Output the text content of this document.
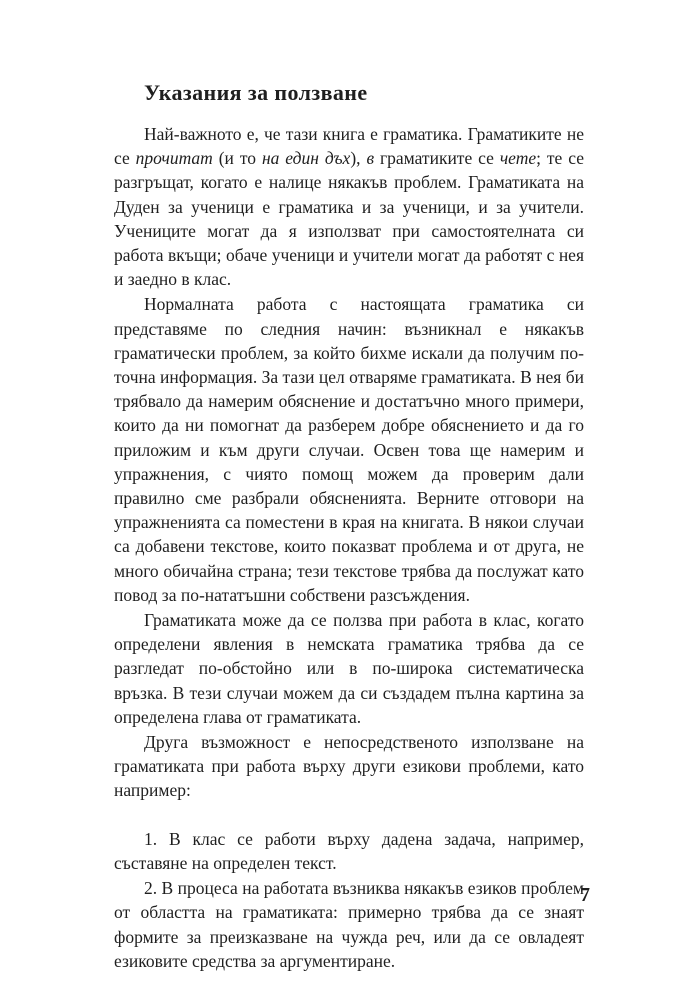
Указания за ползване

Най-важното е, че тази книга е граматика. Граматиките не се прочитат (и то на един дъх), в граматиките се чете; те се разгръщат, когато е налице някакъв проблем. Граматиката на Дуден за ученици е граматика и за ученици, и за учители. Учениците могат да я използват при самостоятелната си работа вкъщи; обаче ученици и учители могат да работят с нея и заедно в клас.

Нормалната работа с настоящата граматика си представяме по следния начин: възникнал е някакъв граматически проблем, за който бихме искали да получим по-точна информация. За тази цел отваряме граматиката. В нея би трябвало да намерим обяснение и достатъчно много примери, които да ни помогнат да разберем добре обяснението и да го приложим и към други случаи. Освен това ще намерим и упражнения, с чиято помощ можем да проверим дали правилно сме разбрали обясненията. Верните отговори на упражненията са поместени в края на книгата. В някои случаи са добавени текстове, които показват проблема и от друга, не много обичайна страна; тези текстове трябва да послужат като повод за по-нататъшни собствени разсъждения.

Граматиката може да се ползва при работа в клас, когато определени явления в немската граматика трябва да се разгледат по-обстойно или в по-широка систематическа връзка. В тези случаи можем да си създадем пълна картина за определена глава от граматиката.

Друга възможност е непосредственото използване на граматиката при работа върху други езикови проблеми, като например:

1. В клас се работи върху дадена задача, например, съставяне на определен текст.

2. В процеса на работата възниква някакъв езиков проблем от областта на граматиката: примерно трябва да се знаят формите за преизказване на чужда реч, или да се овладеят езиковите средства за аргументиране.

7
